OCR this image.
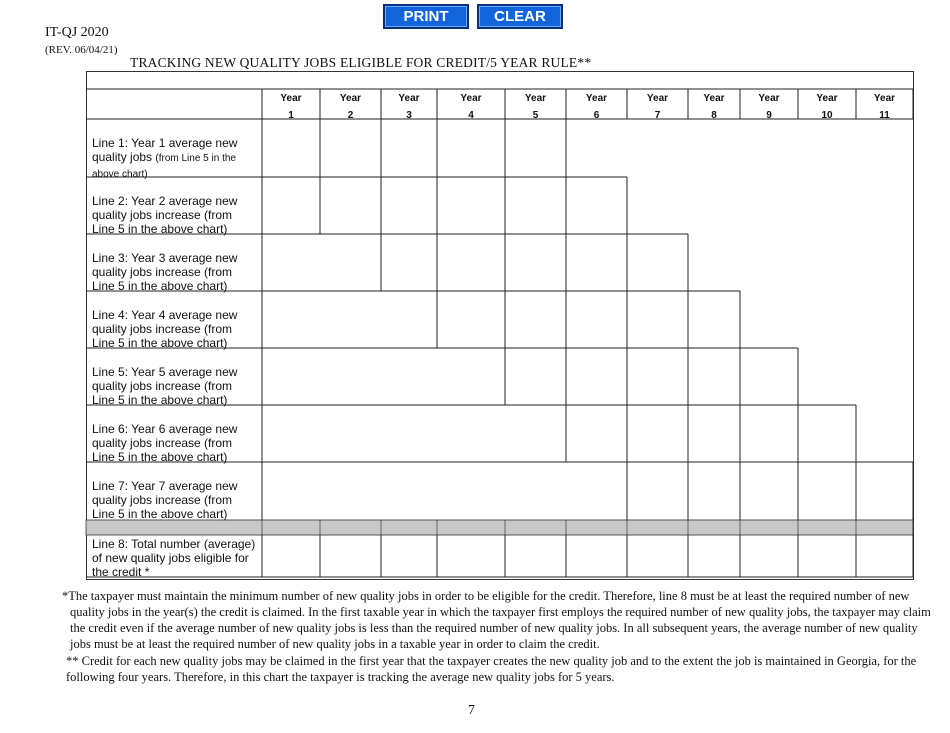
PRINT	CLEAR
IT-QJ 2020
(REV. 06/04/21)
TRACKING NEW QUALITY JOBS ELIGIBLE FOR CREDIT/5 YEAR RULE**
Year
1
Year
2
Year
3
Year
4
Year
5
Year
6
Year
7
Year
8
Year
9
Year
10
Year
11
Line 1: Year 1 average new quality jobs (from Line 5 in the above chart)
Line 2: Year 2 average new quality jobs increase (from Line 5 in the above chart)
Line 3: Year 3 average new quality jobs increase (from Line 5 in the above chart)
Line 4: Year 4 average new quality jobs increase (from Line 5 in the above chart)
Line 5: Year 5 average new quality jobs increase (from Line 5 in the above chart)
Line 6: Year 6 average new quality jobs increase (from Line 5 in the above chart)
Line 7: Year 7 average new quality jobs increase (from Line 5 in the above chart)
Line 8: Total number (average) of new quality jobs eligible for the credit *
*The taxpayer must maintain the minimum number of new quality jobs in order to be eligible for the credit. Therefore, line 8 must be at least the required number of new quality jobs in the year(s) the credit is claimed. In the first taxable year in which the taxpayer first employs the required number of new quality jobs, the taxpayer may claim the credit even if the average number of new quality jobs is less than the required number of new quality jobs. In all subsequent years, the average number of new quality jobs must be at least the required number of new quality jobs in a taxable year in order to claim the credit.
** Credit for each new quality jobs may be claimed in the first year that the taxpayer creates the new quality job and to the extent the job is maintained in Georgia, for the following four years. Therefore, in this chart the taxpayer is tracking the average new quality jobs for 5 years.
7
